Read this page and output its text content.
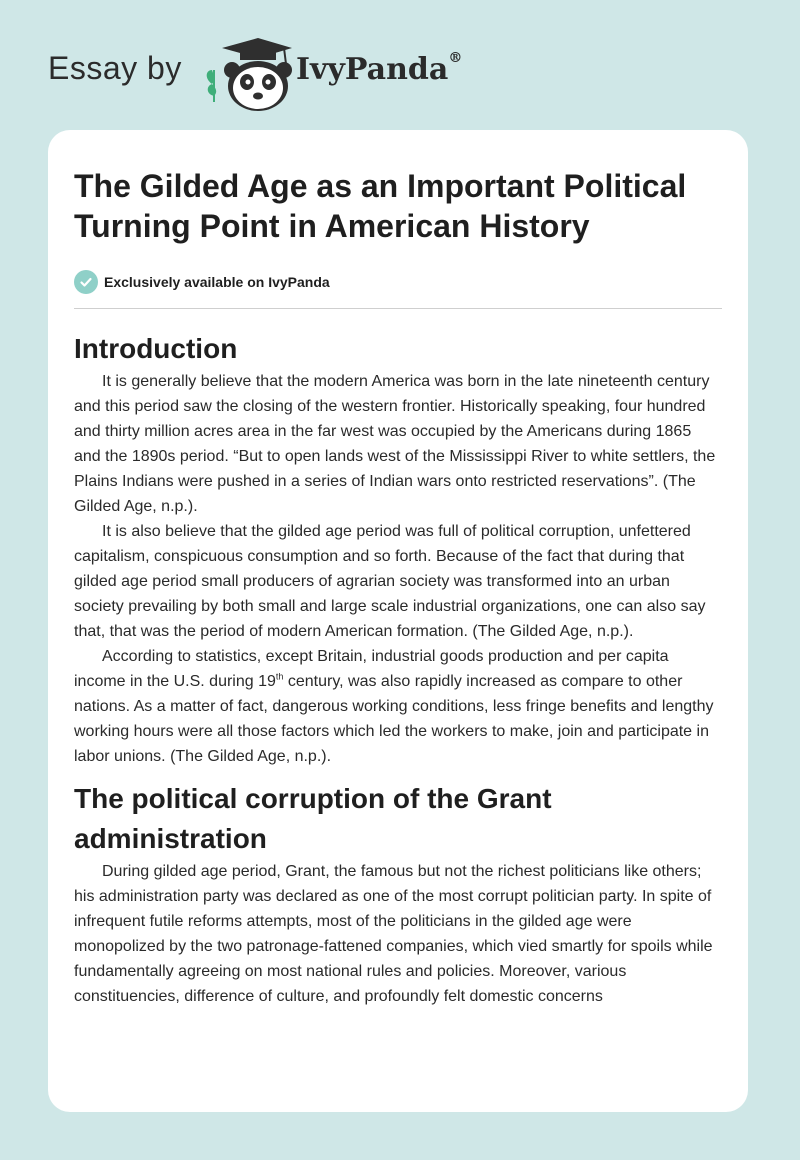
Essay by	IvyPanda®
The Gilded Age as an Important Political Turning Point in American History
Exclusively available on IvyPanda
Introduction

It is generally believe that the modern America was born in the late nineteenth century and this period saw the closing of the western frontier. Historically speaking, four hundred and thirty million acres area in the far west was occupied by the Americans during 1865 and the 1890s period. “But to open lands west of the Mississippi River to white settlers, the Plains Indians were pushed in a series of Indian wars onto restricted reservations”. (The Gilded Age, n.p.).

It is also believe that the gilded age period was full of political corruption, unfettered capitalism, conspicuous consumption and so forth. Because of the fact that during that gilded age period small producers of agrarian society was transformed into an urban society prevailing by both small and large scale industrial organizations, one can also say that, that was the period of modern American formation. (The Gilded Age, n.p.).

According to statistics, except Britain, industrial goods production and per capita income in the U.S. during 19th century, was also rapidly increased as compare to other nations. As a matter of fact, dangerous working conditions, less fringe benefits and lengthy working hours were all those factors which led the workers to make, join and participate in labor unions. (The Gilded Age, n.p.).

The political corruption of the Grant administration

During gilded age period, Grant, the famous but not the richest politicians like others; his administration party was declared as one of the most corrupt politician party. In spite of infrequent futile reforms attempts, most of the politicians in the gilded age were monopolized by the two patronage-fattened companies, which vied smartly for spoils while fundamentally agreeing on most national rules and policies. Moreover, various constituencies, difference of culture, and profoundly felt domestic concerns
